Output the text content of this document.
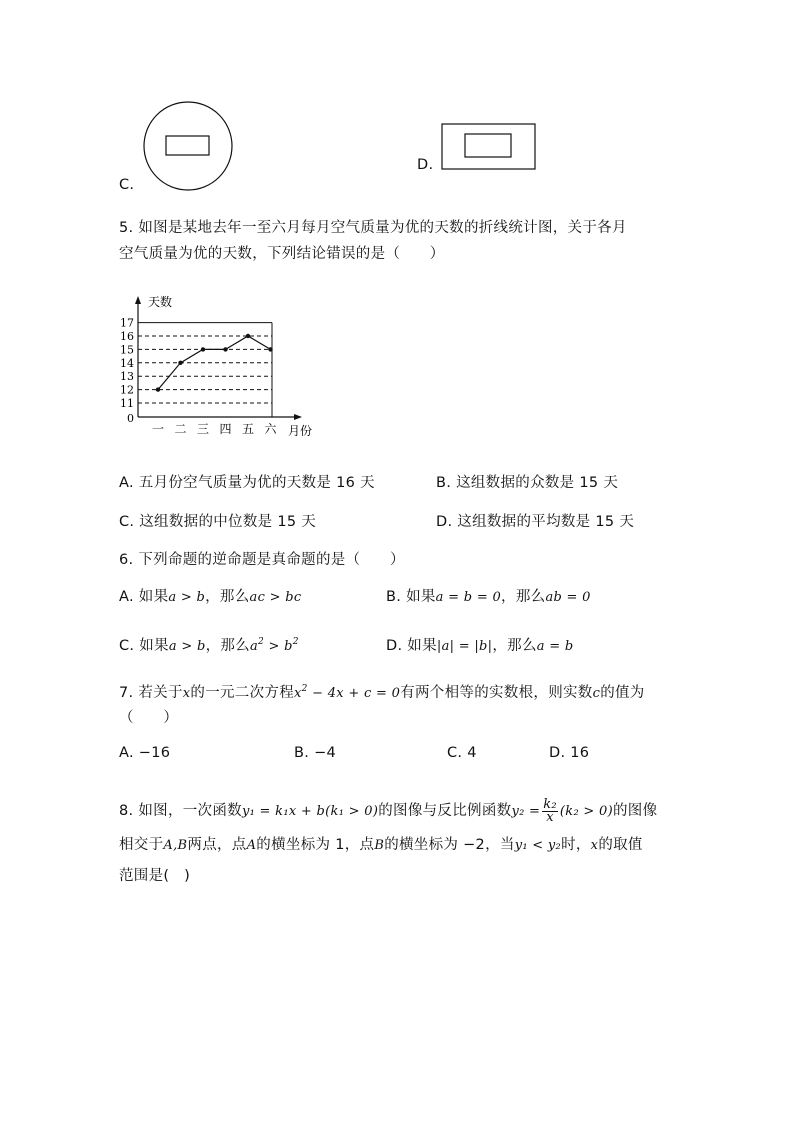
C.
D.
5. 如图是某地去年一至六月每月空气质量为优的天数的折线统计图，关于各月
空气质量为优的天数，下列结论错误的是（　　）
11
12
13
14
15
16
17
0
天数
月份
一 二 三 四 五 六
A. 五月份空气质量为优的天数是 16 天	B. 这组数据的众数是 15 天
C. 这组数据的中位数是 15 天	D. 这组数据的平均数是 15 天
6. 下列命题的逆命题是真命题的是（　　）
A. 如果a > b，那么ac > bc	B. 如果a = b = 0，那么ab = 0
C. 如果a > b，那么$a^2 > b^2$	D. 如果|a| = |b|，那么a = b
7. 若关于x的一元二次方程$x^2 - 4x + c = 0$有两个相等的实数根，则实数c的值为
（　　）
A. −16	B. −4	C. 4	D. 16
8. 如图，一次函数y₁ = k₁x + b(k₁ > 0)的图像与反比例函数$y_2 = \frac{\text{k₂}}{x} (k_2 > 0)$的图像
相交于A,B两点，点A的横坐标为 1，点B的横坐标为 −2，当y₁ < y₂时，x的取值
范围是(　)
